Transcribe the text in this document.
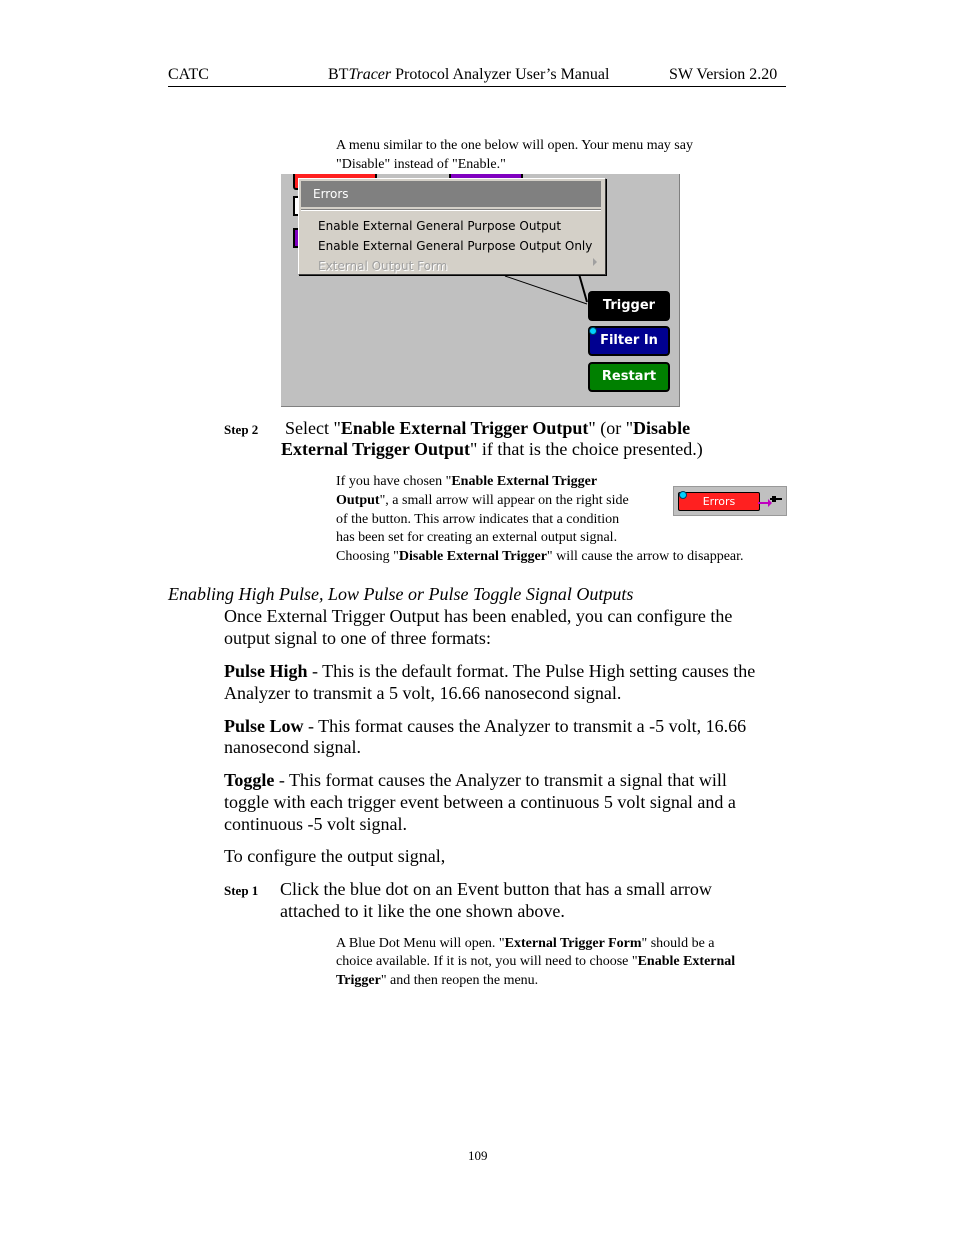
CATC	BTTracer Protocol Analyzer User’s Manual	SW Version 2.20
A menu similar to the one below will open. Your menu may say
"Disable" instead of "Enable."
Errors
Enable External General Purpose Output
Enable External General Purpose Output Only
External Output Form
Trigger
Filter In
Restart
Step 2 Select "Enable External Trigger Output" (or "Disable
External Trigger Output" if that is the choice presented.)
If you have chosen "Enable External Trigger
Output", a small arrow will appear on the right side
of the button. This arrow indicates that a condition
has been set for creating an external output signal.
Choosing "Disable External Trigger" will cause the arrow to disappear.
Errors
Enabling High Pulse, Low Pulse or Pulse Toggle Signal Outputs
Once External Trigger Output has been enabled, you can configure the
output signal to one of three formats:
Pulse High - This is the default format. The Pulse High setting causes the
Analyzer to transmit a 5 volt, 16.66 nanosecond signal.
Pulse Low - This format causes the Analyzer to transmit a -5 volt, 16.66
nanosecond signal.
Toggle - This format causes the Analyzer to transmit a signal that will
toggle with each trigger event between a continuous 5 volt signal and a
continuous -5 volt signal.
To configure the output signal,
Step 1 Click the blue dot on an Event button that has a small arrow
attached to it like the one shown above.
A Blue Dot Menu will open. "External Trigger Form" should be a
choice available. If it is not, you will need to choose "Enable External
Trigger" and then reopen the menu.
109
